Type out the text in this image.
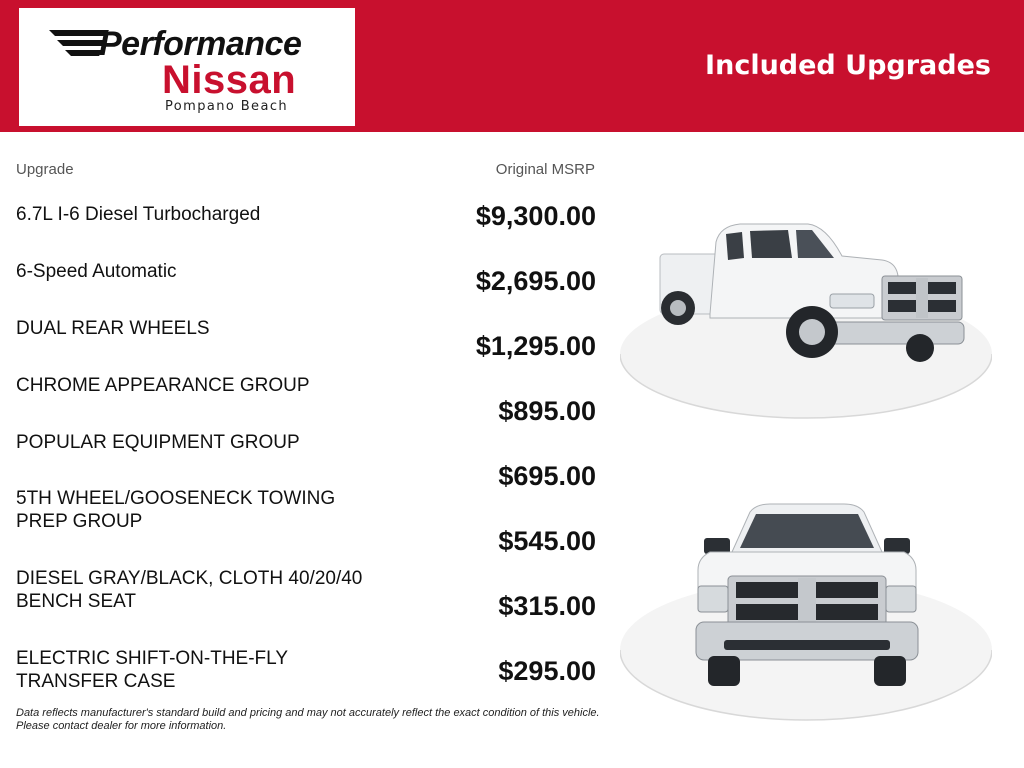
Performance
Nissan
Pompano Beach
Included Upgrades
Upgrade	Original MSRP
6.7L I-6 Diesel Turbocharged
6-Speed Automatic
DUAL REAR WHEELS
CHROME APPEARANCE GROUP
POPULAR EQUIPMENT GROUP
5TH WHEEL/GOOSENECK TOWING PREP GROUP
DIESEL GRAY/BLACK, CLOTH 40/20/40 BENCH SEAT
ELECTRIC SHIFT-ON-THE-FLY TRANSFER CASE
$9,300.00
$2,695.00
$1,295.00
$895.00
$695.00
$545.00
$315.00
$295.00
Data reflects manufacturer's standard build and pricing and may not accurately reflect the exact condition of this vehicle.
Please contact dealer for more information.
